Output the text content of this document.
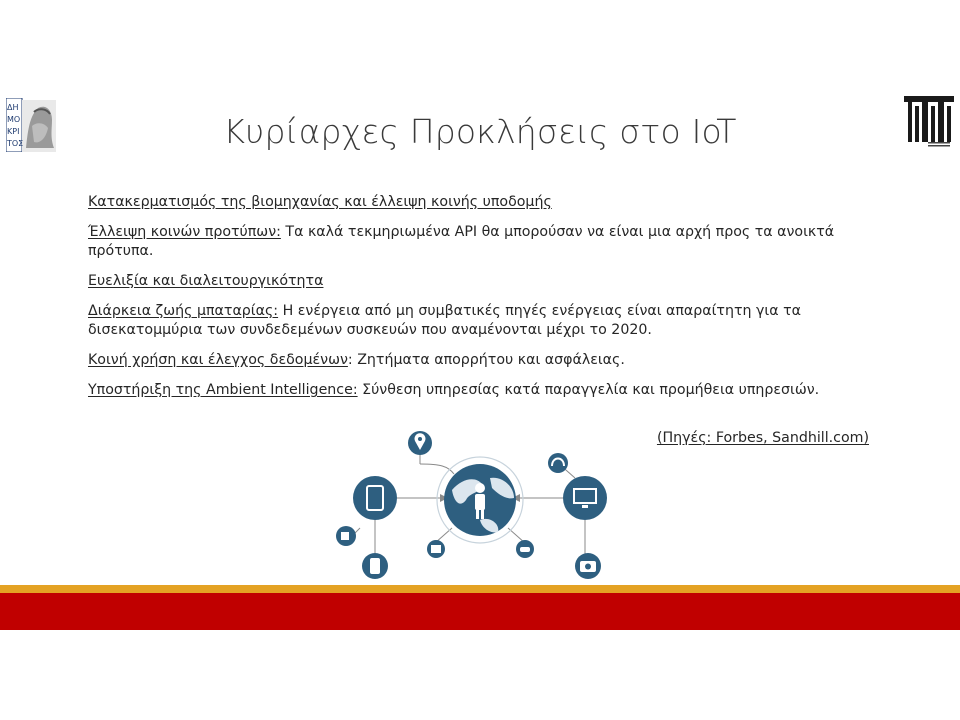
ΔΗ
ΜΟ
ΚΡΙ
ΤΟΣ	Κυρίαρχες Προκλήσεις στο IoT
Κατακερματισμός της βιομηχανίας και έλλειψη κοινής υποδομής
Έλλειψη κοινών προτύπων: Τα καλά τεκμηριωμένα API θα μπορούσαν να είναι μια αρχή προς τα ανοικτά πρότυπα.
Ευελιξία και διαλειτουργικότητα
Διάρκεια ζωής μπαταρίας: Η ενέργεια από μη συμβατικές πηγές ενέργειας είναι απαραίτητη για τα δισεκατομμύρια των συνδεδεμένων συσκευών που αναμένονται μέχρι το 2020.
Κοινή χρήση και έλεγχος δεδομένων: Ζητήματα απορρήτου και ασφάλειας.
Υποστήριξη της Ambient Intelligence: Σύνθεση υπηρεσίας κατά παραγγελία και προμήθεια υπηρεσιών.
(Πηγές: Forbes, Sandhill.com)
